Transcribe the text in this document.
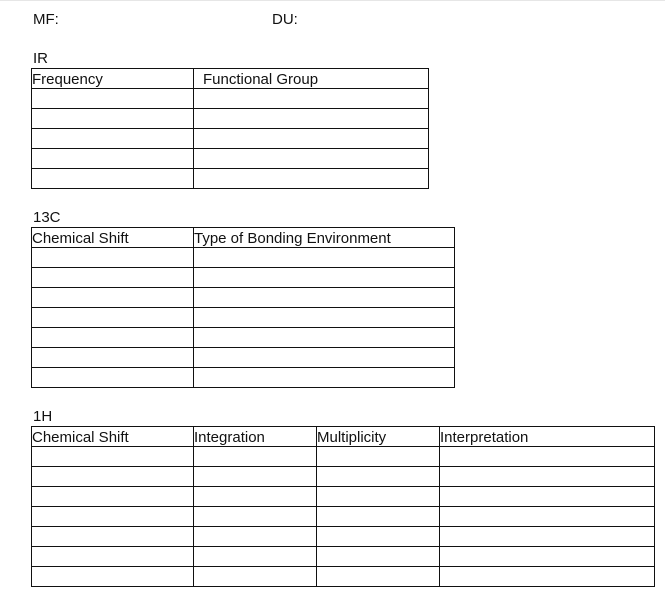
MF:	DU:
IR
Frequency	Functional Group

13C
Chemical Shift	Type of Bonding Environment

1H
Chemical Shift	Integration	Multiplicity	Interpretation
